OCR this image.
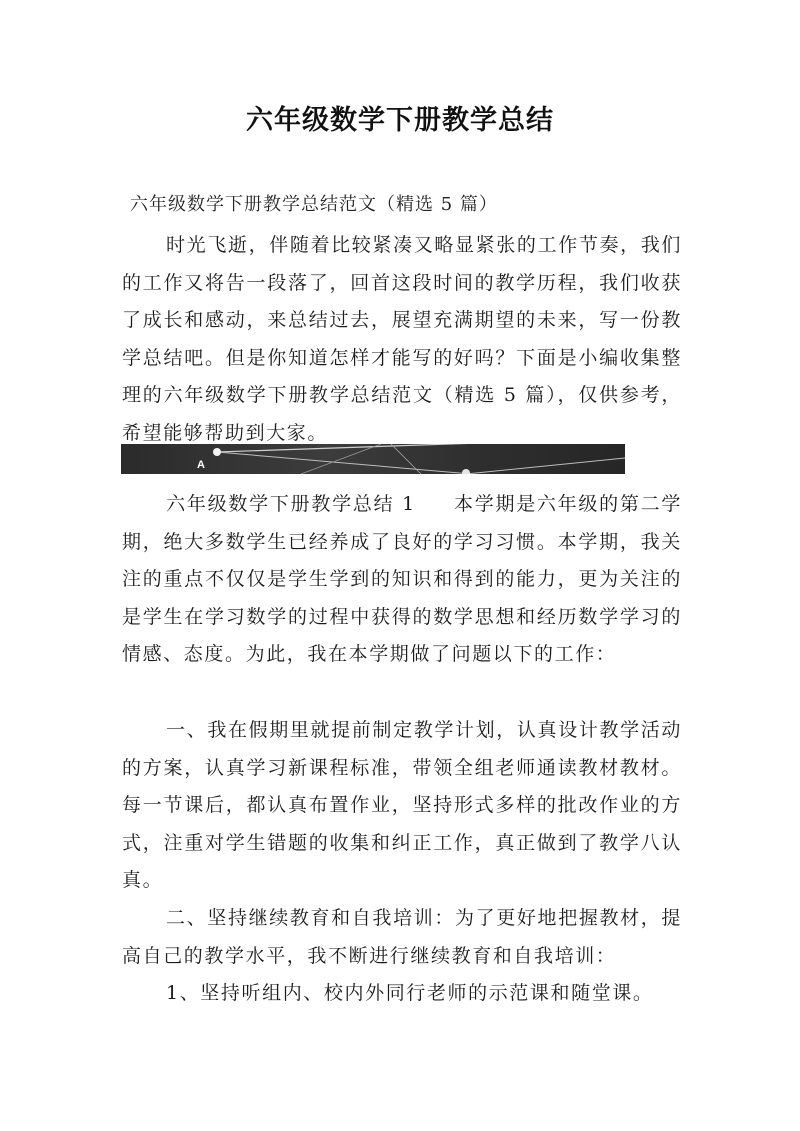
六年级数学下册教学总结
六年级数学下册教学总结范文（精选 5 篇）
时光飞逝，伴随着比较紧凑又略显紧张的工作节奏，我们的工作又将告一段落了，回首这段时间的教学历程，我们收获了成长和感动，来总结过去，展望充满期望的未来，写一份教学总结吧。但是你知道怎样才能写的好吗？下面是小编收集整理的六年级数学下册教学总结范文（精选 5 篇），仅供参考，希望能够帮助到大家。
A
六年级数学下册教学总结 1 本学期是六年级的第二学期，绝大多数学生已经养成了良好的学习习惯。本学期，我关注的重点不仅仅是学生学到的知识和得到的能力，更为关注的是学生在学习数学的过程中获得的数学思想和经历数学学习的情感、态度。为此，我在本学期做了问题以下的工作：
一、我在假期里就提前制定教学计划，认真设计教学活动的方案，认真学习新课程标准，带领全组老师通读教材教材。每一节课后，都认真布置作业，坚持形式多样的批改作业的方式，注重对学生错题的收集和纠正工作，真正做到了教学八认真。
二、坚持继续教育和自我培训：为了更好地把握教材，提高自己的教学水平，我不断进行继续教育和自我培训：
1、坚持听组内、校内外同行老师的示范课和随堂课。
